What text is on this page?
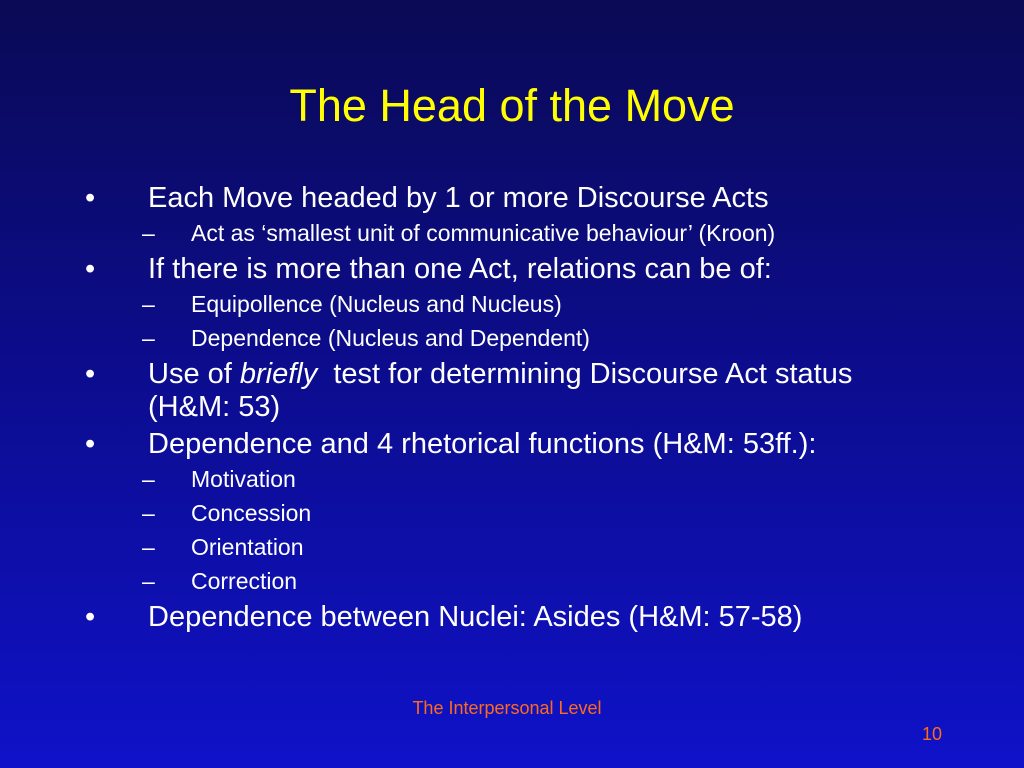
The Head of the Move
• Each Move headed by 1 or more Discourse Acts
– Act as ‘smallest unit of communicative behaviour’ (Kroon)
• If there is more than one Act, relations can be of:
– Equipollence (Nucleus and Nucleus)
– Dependence (Nucleus and Dependent)
• Use of briefly  test for determining Discourse Act status (H&M: 53)
• Dependence and 4 rhetorical functions (H&M: 53ff.):
– Motivation
– Concession
– Orientation
– Correction
• Dependence between Nuclei: Asides (H&M: 57-58)
The Interpersonal Level
10
